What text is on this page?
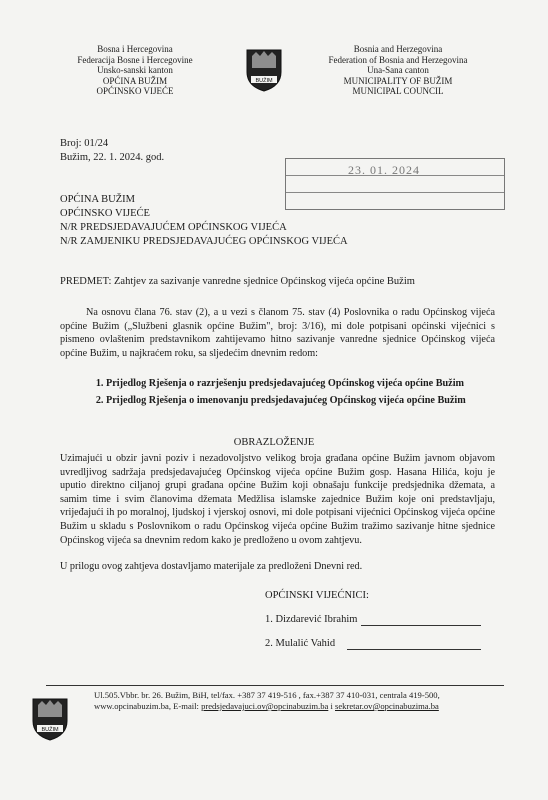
Bosna i Hercegovina
Federacija Bosne i Hercegovine
Unsko-sanski kanton
OPĆINA BUŽIM
OPĆINSKO VIJEĆE
BUŽIM
Bosnia and Herzegovina
Federation of Bosnia and Herzegovina
Una-Sana canton
MUNICIPALITY OF BUŽIM
MUNICIPAL COUNCIL
23. 01. 2024
Broj: 01/24
Bužim, 22. 1. 2024. god.
OPĆINA BUŽIM
OPĆINSKO VIJEĆE
N/R PREDSJEDAVAJUĆEM OPĆINSKOG VIJEĆA
N/R ZAMJENIKU PREDSJEDAVAJUĆEG OPĆINSKOG VIJEĆA
PREDMET: Zahtjev za sazivanje vanredne sjednice Općinskog vijeća općine Bužim
Na osnovu člana 76. stav (2), a u vezi s članom 75. stav (4) Poslovnika o radu Općinskog vijeća općine Bužim („Službeni glasnik općine Bužim", broj: 3/16), mi dole potpisani općinski vijećnici s pismeno ovlaštenim predstavnikom zahtijevamo hitno sazivanje vanredne sjednice Općinskog vijeća općine Bužim, u najkraćem roku, sa sljedećim dnevnim redom:
1. Prijedlog Rješenja o razrješenju predsjedavajućeg Općinskog vijeća općine Bužim
2. Prijedlog Rješenja o imenovanju predsjedavajućeg Općinskog vijeća općine Bužim
OBRAZLOŽENJE
Uzimajući u obzir javni poziv i nezadovoljstvo velikog broja građana općine Bužim javnom objavom uvredljivog sadržaja predsjedavajućeg Općinskog vijeća općine Bužim gosp. Hasana Hilića, koju je uputio direktno ciljanoj grupi građana općine Bužim koji obnašaju funkcije predsjednika džemata, a samim time i svim članovima džemata Medžlisa islamske zajednice Bužim koje oni predstavljaju, vrijeđajući ih po moralnoj, ljudskoj i vjerskoj osnovi, mi dole potpisani vijećnici Općinskog vijeća općine Bužim u skladu s Poslovnikom o radu Općinskog vijeća općine Bužim tražimo sazivanje hitne sjednice Općinskog vijeća sa dnevnim redom kako je predloženo u ovom zahtjevu.
U prilogu ovog zahtjeva dostavljamo materijale za predloženi Dnevni red.
OPĆINSKI VIJEĆNICI:
1. Dizdarević Ibrahim
2. Mulalić Vahid
BUŽIM
Ul.505.Vbbr. br. 26. Bužim, BiH, tel/fax. +387 37 419-516 , fax.+387 37 410-031, centrala 419-500,
www.opcinabuzim.ba, E-mail: predsjedavajuci.ov@opcinabuzim.ba i sekretar.ov@opcinabuzima.ba
